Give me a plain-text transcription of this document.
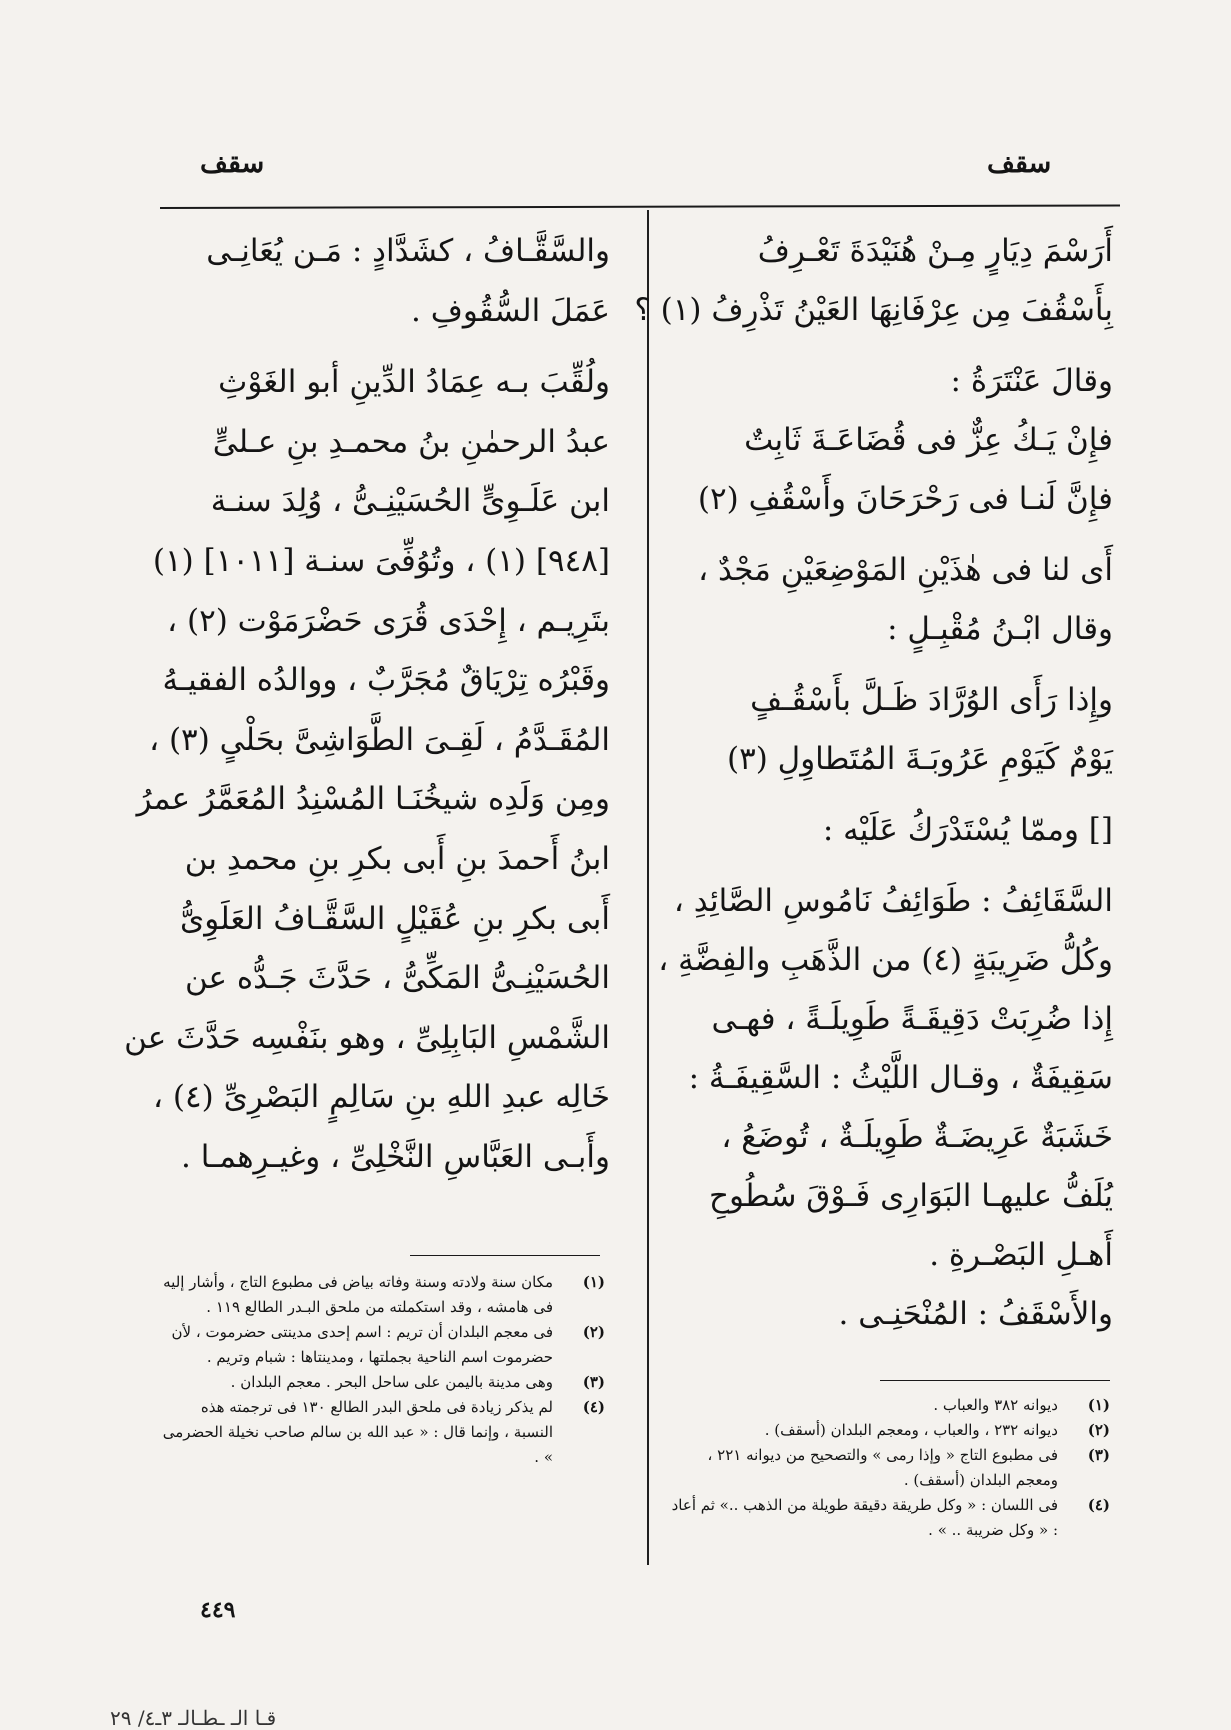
سقف
سقف
أَرَسْمَ دِيَارٍ مِـنْ هُنَيْدَةَ تَعْـرِفُ
بِأَسْقُفَ مِن عِرْفَانِهَا العَيْنُ تَذْرِفُ (١) ؟
وقالَ عَنْتَرَةُ :
فإِنْ يَـكُ عِزٌّ فى قُضَاعَـةَ ثَابِتٌ
فإِنَّ لَنـا فى رَحْرَحَانَ وأَسْقُفِ (٢)
أَى لنا فى هٰذَيْنِ المَوْضِعَيْنِ مَجْدٌ ،
وقال ابْـنُ مُقْبِـلٍ :
وإِذا رَأَى الوُرَّادَ ظَـلَّ بأَسْقُـفٍ
يَوْمٌ كَيَوْمِ عَرُوبَـةَ المُتَطاوِلِ (٣)
[] وممّا يُسْتَدْرَكُ عَلَيْه :
السَّقَائِفُ : طَوَائِفُ نَامُوسِ الصَّائِدِ ،
وكُلُّ ضَرِيبَةٍ (٤) من الذَّهَبِ والفِضَّةِ ،
إِذا ضُرِبَتْ دَقِيقَـةً طَوِيلَـةً ، فهـى
سَقِيفَةٌ ، وقـال اللَّيْثُ : السَّقِيفَـةُ :
خَشَبَةٌ عَرِيضَـةٌ طَوِيلَـةٌ ، تُوضَعُ ،
يُلَفُّ عليهـا البَوَارِى فَـوْقَ سُطُوحِ
أَهـلِ البَصْـرةِ .
والأَسْقَفُ : المُنْحَنِـى .
والسَّقَّـافُ ، كشَدَّادٍ : مَـن يُعَانِـى
عَمَلَ السُّقُوفِ .
ولُقِّبَ بـه عِمَادُ الدِّينِ أبو الغَوْثِ
عبدُ الرحمٰنِ بنُ محمـدِ بنِ عـلىٍّ
ابن عَلَـوِىٍّ الحُسَيْنِـىُّ ، وُلِدَ سنـة
[٩٤٨] (١) ، وتُوُفِّىَ سنـة [١٠١١] (١)
بتَرِيـم ، إِحْدَى قُرَى حَضْرَمَوْت (٢) ،
وقَبْرُه تِرْيَاقٌ مُجَرَّبٌ ، ووالدُه الفقيـهُ
المُقَـدَّمُ ، لَقِـىَ الطَّوَاشِىَّ بحَلْىٍ (٣) ،
ومِن وَلَدِه شيخُنَـا المُسْنِدُ المُعَمَّرُ عمرُ
ابنُ أَحمدَ بنِ أَبى بكرِ بنِ محمدِ بن
أَبى بكرِ بنِ عُقَيْلٍ السَّقَّـافُ العَلَوِىُّ
الحُسَيْنِـىُّ المَكِّىُّ ، حَدَّثَ جَـدُّه عن
الشَّمْسِ البَابِلِىِّ ، وهو بنَفْسِه حَدَّثَ عن
خَالِه عبدِ اللهِ بنِ سَالِمٍ البَصْرِىِّ (٤) ،
وأَبـى العَبَّاسِ النَّخْلِىِّ ، وغيـرِهمـا .
(١)
مكان سنة ولادته وسنة وفاته بياض فى مطبوع التاج ، وأشار إليه فى هامشه ، وقد استكملته من ملحق البـدر الطالع ١١٩ .
(٢)
فى معجم البلدان أن تريم : اسم إحدى مدينتى حضرموت ، لأن حضرموت اسم الناحية بجملتها ، ومدينتاها : شبام وتريم .
(٣)
وهى مدينة باليمن على ساحل البحر . معجم البلدان .
(٤)
لم يذكر زيادة فى ملحق البدر الطالع ١٣٠ فى ترجمته هذه النسبة ، وإنما قال : « عبد الله بن سالم صاحب نخيلة الحضرمى » .
(١)
ديوانه ٣٨٢ والعباب .
(٢)
ديوانه ٢٣٢ ، والعباب ، ومعجم البلدان (أسقف) .
(٣)
فى مطبوع التاج « وإذا رمى » والتصحيح من ديوانه ٢٢١ ، ومعجم البلدان (أسقف) .
(٤)
فى اللسان : « وكل طريقة دقيقة طويلة من الذهب ..» ثم أعاد : « وكل ضريبة .. » .
٤٤٩
قـا الـ ـطـالـ ٣ـ٤/ ٢٩
